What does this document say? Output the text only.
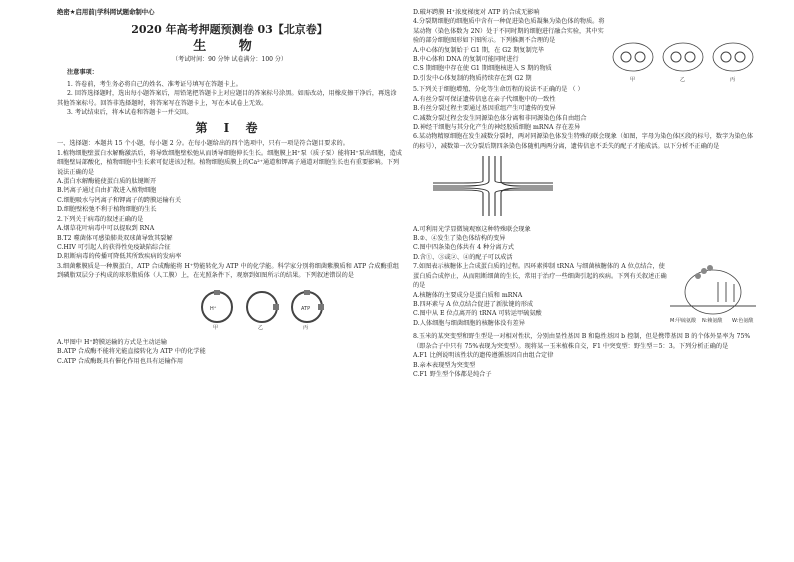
绝密★启用前|学科网试题命制中心
2020 年高考押题预测卷 03【北京卷】
生 物
（考试时间：90 分钟 试卷满分：100 分）
注意事项：
1. 答卷前，考生务必将自己的姓名、准考证号填写在答题卡上。
2. 回答选择题时，选出每小题答案后，用铅笔把答题卡上对应题目的答案标号涂黑。如需改动，用橡皮擦干净后，再选涂其他答案标号。回答非选择题时，将答案写在答题卡上，写在本试卷上无效。
3. 考试结束后，将本试卷和答题卡一并交回。
第 I 卷
一、选择题：本题共 15 个小题，每小题 2 分。在每小题给出的四个选项中，只有一项是符合题目要求的。
1.植物细胞壁蛋白水解酶激活后，将导致细胞壁松弛从而诱导细胞伸长生长。细胞膜上H⁺泵（质子泵）能将H⁺泵出细胞，造成细胞壁局部酸化，植物细胞中生长素可促进该过程。植物细胞质膜上的Ca²⁺通道和钾离子通道对细胞生长也有重要影响。下列说法正确的是
A.蛋白水解酶能使蛋白质的肽键断开
B.钙离子通过自由扩散进入植物细胞
C.细胞吸水与钙离子和钾离子的跨膜运输有关
D.细胞壁松弛不利于植物细胞的生长
2.下列关于病毒的叙述正确的是
A.烟草花叶病毒中可以提取到 RNA
B.T2 噬菌体可感染肺炎双球菌导致其裂解
C.HIV 可引起人的获得性免疫缺陷综合征
D.阻断病毒的传播可降低其所致疾病的发病率
3.细菌紫膜质是一种膜蛋白，ATP 合成酶能将 H⁺势能转化为 ATP 中的化学能。科学家分别将细菌紫膜质和 ATP 合成酶重组到磷脂双层分子构成的球形脂质体（人工膜）上，在光照条件下，观察到如图所示的结果。下列叙述错误的是
H⁺
甲	乙
ATP
丙
A.甲图中 H⁺跨膜运输的方式是主动运输
B.ATP 合成酶不能将光能直接转化为 ATP 中的化学能
C.ATP 合成酶既具有催化作用也具有运输作用
D.破坏跨膜 H⁺浓度梯度对 ATP 的合成无影响
4.分裂期细胞的细胞质中含有一种促进染色质凝集为染色体的物质。将某动物（染色体数为 2N）处于不同时期的细胞进行融合实验，其中实验的部分细胞图形如下图所示。下列推测不合理的是
A.中心体的复制始于 G1 期，在 G2 期复制完毕
B.中心体和 DNA 的复制可能同时进行
C.S 期细胞中存在使 G1 期细胞核进入 S 期的物质
D.引发中心体复制的物质持续存在到 G2 期	甲	乙	丙
5.下列关于细胞增殖、分化等生命历程的说法不正确的是 （ ）
A.有丝分裂可保证遗传信息在亲子代细胞中的一致性
B.有丝分裂过程主要通过基因重组产生可遗传的变异
C.减数分裂过程会发生同源染色体分离和非同源染色体自由组合
D.神经干细胞与其分化产生的神经胶质细胞 mRNA 存在差异
6.某动物精原细胞在发生减数分裂时，两对同源染色体发生特殊的联会现象（如图，字母为染色体区段的标号，数字为染色体的标号），减数第一次分裂后期四条染色体随机两两分离，遗传信息不丢失的配子才能成活。以下分析不正确的是
A.可利用光学显微镜观察这种特殊联会现象
B.②、④发生了染色体结构的变异
C.图中四条染色体共有 4 种分离方式
D.含①、③或②、④的配子可以成活
7.如图表示核糖体上合成蛋白质的过程。四环素抑制 tRNA 与细菌核糖体的 A 位点结合，使蛋白质合成停止，从而阻断细菌的生长，常用于治疗一些细菌引起的疾病。下列有关叙述正确的是
A.核糖体的主要成分是蛋白质和 mRNA
B.四环素与 A 位点结合促进了新肽键的形成
C.图中从 E 位点离开的 tRNA 可转运甲硫氨酸
D.人体细胞与细菌细胞的核糖体没有差异	M:甲硫氨酸 N:赖氨酸 W:色氨酸
8.玉米的某突变型和野生型是一对相对性状，分别由显性基因 B 和隐性基因 b 控制，但是携带基因 B 的个体外显率为 75%（即杂合子中只有 75%表现为突变型）。现将某一玉米植株自交，F1 中突变型：野生型＝5：3。下列分析正确的是
A.F1 比例说明该性状的遗传遵循基因自由组合定律
B.亲本表现型为突变型
C.F1 野生型个体都是纯合子
